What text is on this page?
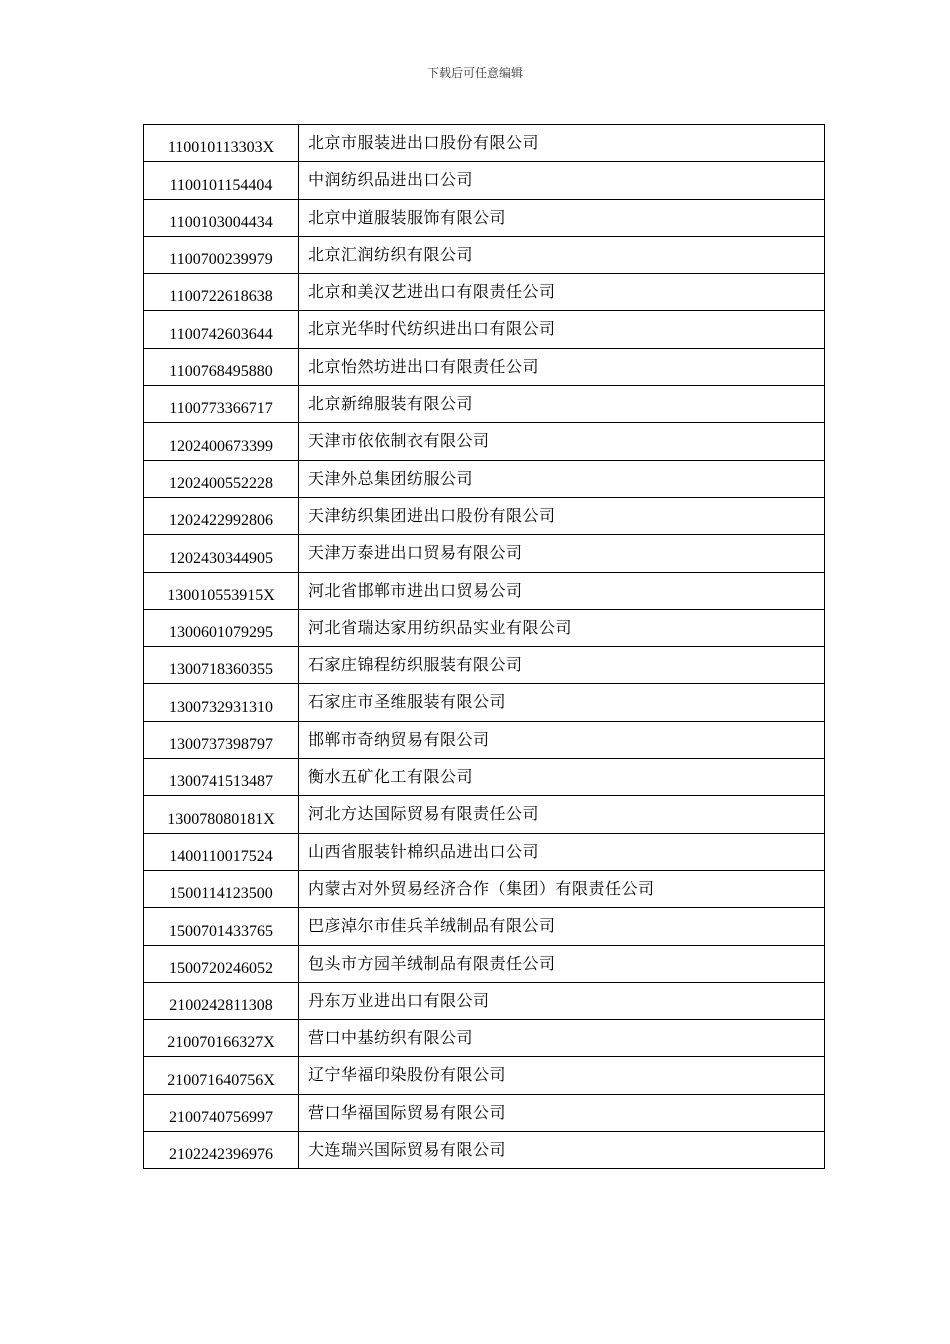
下载后可任意编辑
110010113303X	北京市服装进出口股份有限公司
1100101154404	中润纺织品进出口公司
1100103004434	北京中道服装服饰有限公司
1100700239979	北京汇润纺织有限公司
1100722618638	北京和美汉艺进出口有限责任公司
1100742603644	北京光华时代纺织进出口有限公司
1100768495880	北京怡然坊进出口有限责任公司
1100773366717	北京新绵服装有限公司
1202400673399	天津市依依制衣有限公司
1202400552228	天津外总集团纺服公司
1202422992806	天津纺织集团进出口股份有限公司
1202430344905	天津万泰进出口贸易有限公司
130010553915X	河北省邯郸市进出口贸易公司
1300601079295	河北省瑞达家用纺织品实业有限公司
1300718360355	石家庄锦程纺织服装有限公司
1300732931310	石家庄市圣维服装有限公司
1300737398797	邯郸市奇纳贸易有限公司
1300741513487	衡水五矿化工有限公司
130078080181X	河北方达国际贸易有限责任公司
1400110017524	山西省服装针棉织品进出口公司
1500114123500	内蒙古对外贸易经济合作（集团）有限责任公司
1500701433765	巴彦淖尔市佳兵羊绒制品有限公司
1500720246052	包头市方园羊绒制品有限责任公司
2100242811308	丹东万业进出口有限公司
210070166327X	营口中基纺织有限公司
210071640756X	辽宁华福印染股份有限公司
2100740756997	营口华福国际贸易有限公司
2102242396976	大连瑞兴国际贸易有限公司
